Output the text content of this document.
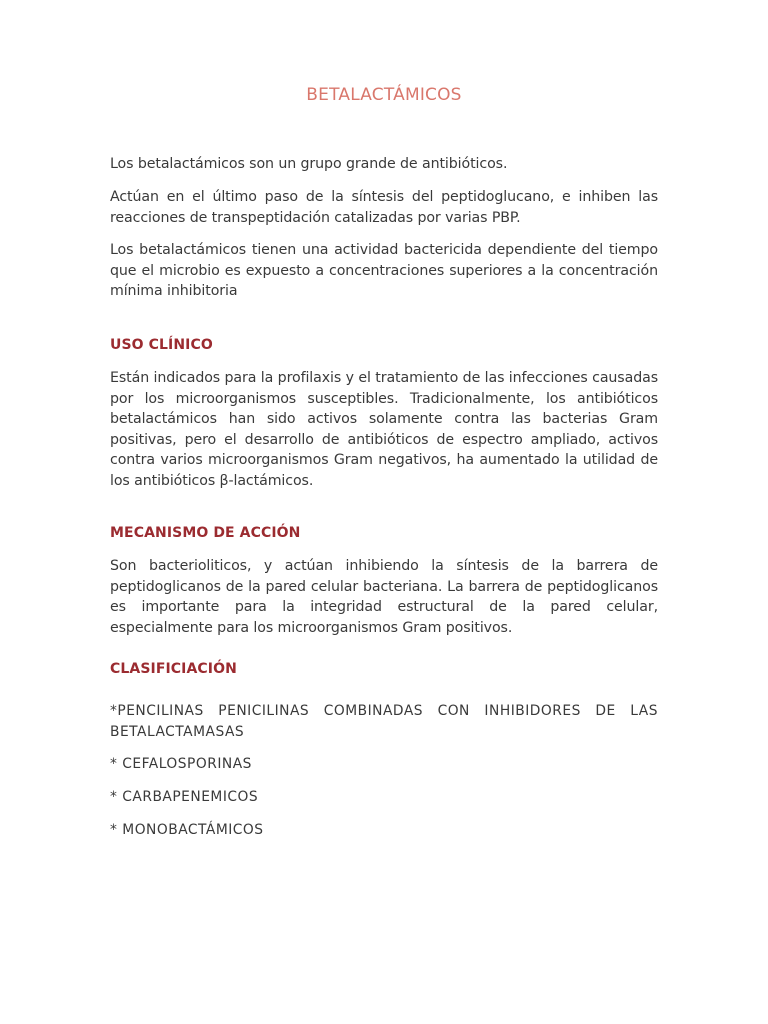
BETALACTÁMICOS

Los betalactámicos son un grupo grande de antibióticos.

Actúan en el último paso de la síntesis del peptidoglucano, e inhiben las reacciones de transpeptidación catalizadas por varias PBP.

Los betalactámicos tienen una actividad bactericida dependiente del tiempo que el microbio es expuesto a concentraciones superiores a la concentración mínima inhibitoria

USO CLÍNICO

Están indicados para la profilaxis y el tratamiento de las infecciones causadas por los microorganismos susceptibles. Tradicionalmente, los antibióticos betalactámicos han sido activos solamente contra las bacterias Gram positivas, pero el desarrollo de antibióticos de espectro ampliado, activos contra varios microorganismos Gram negativos, ha aumentado la utilidad de los antibióticos β-lactámicos.

MECANISMO DE ACCIÓN

Son bacterioliticos, y actúan inhibiendo la síntesis de la barrera de peptidoglicanos de la pared celular bacteriana. La barrera de peptidoglicanos es importante para la integridad estructural de la pared celular, especialmente para los microorganismos Gram positivos.

CLASIFICIACIÓN

*PENCILINAS PENICILINAS COMBINADAS CON INHIBIDORES DE LAS BETALACTAMASAS

* CEFALOSPORINAS

* CARBAPENEMICOS

* MONOBACTÁMICOS
